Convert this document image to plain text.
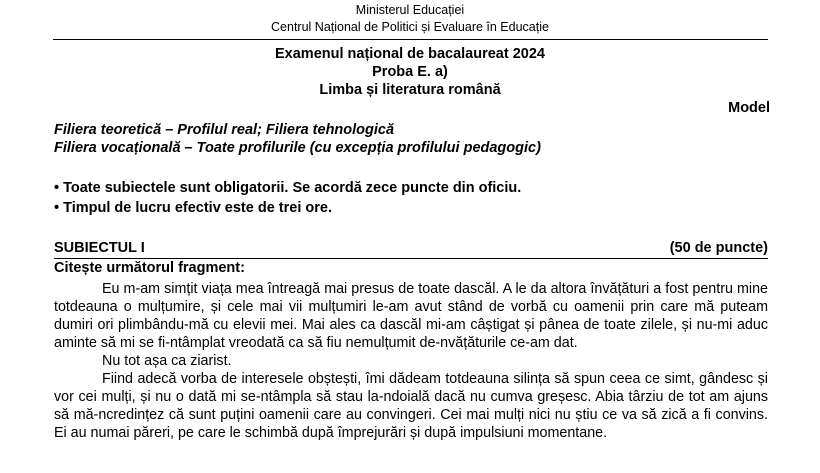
Ministerul Educației
Centrul Național de Politici și Evaluare în Educație
Examenul național de bacalaureat 2024
Proba E. a)
Limba și literatura română
Model
Filiera teoretică – Profilul real; Filiera tehnologică
Filiera vocațională – Toate profilurile (cu excepția profilului pedagogic)
• Toate subiectele sunt obligatorii. Se acordă zece puncte din oficiu.
• Timpul de lucru efectiv este de trei ore.
SUBIECTUL I	(50 de puncte)
Citește următorul fragment:

Eu m-am simțit viața mea întreagă mai presus de toate dascăl. A le da altora învățături a fost pentru mine totdeauna o mulțumire, și cele mai vii mulțumiri le-am avut stând de vorbă cu oamenii prin care mă puteam dumiri ori plimbându-mă cu elevii mei. Mai ales ca dascăl mi-am câștigat și pânea de toate zilele, și nu-mi aduc aminte să mi se fi-ntâmplat vreodată ca să fiu nemulțumit de-nvățăturile ce-am dat.

Nu tot așa ca ziarist.

Fiind adecă vorba de interesele obștești, îmi dădeam totdeauna silința să spun ceea ce simt, gândesc și vor cei mulți, și nu o dată mi se-ntâmpla să stau la-ndoială dacă nu cumva greșesc. Abia târziu de tot am ajuns să mă-ncredințez că sunt puțini oamenii care au convingeri. Cei mai mulți nici nu știu ce va să zică a fi convins. Ei au numai păreri, pe care le schimbă după împrejurări și după impulsiuni momentane.
